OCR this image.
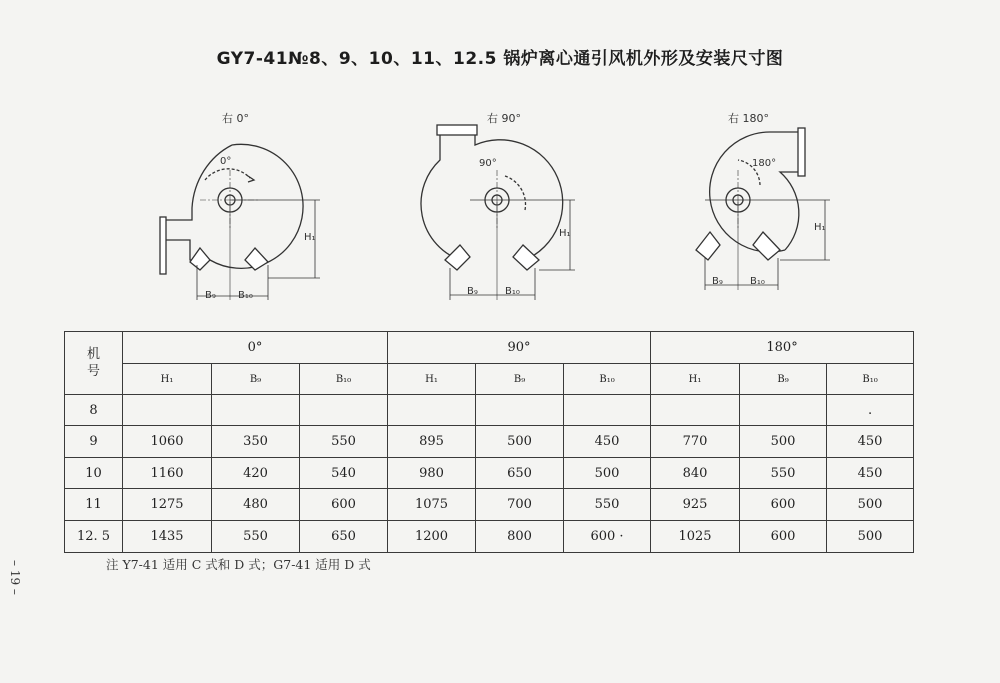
GY7-41№8、9、10、11、12.5 锅炉离心通引风机外形及安装尺寸图
右 0°
0°
H₁
B₉ B₁₀
右 90°
90°
H₁
B₉	B₁₀
右 180°
180°
H₁
B₉	B₁₀
机
号	0°			90°			180°		
	H₁	B₉	B₁₀	H₁	B₉	B₁₀	H₁	B₉	B₁₀
8									.
9	1060	350	550	895	500	450	770	500	450
10	1160	420	540	980	650	500	840	550	450
11	1275	480	600	1075	700	550	925	600	500
12. 5	1435	550	650	1200	800	600 ·	1025	600	500
注 Y7-41 适用 C 式和 D 式；G7-41 适用 D 式
– 19 –
